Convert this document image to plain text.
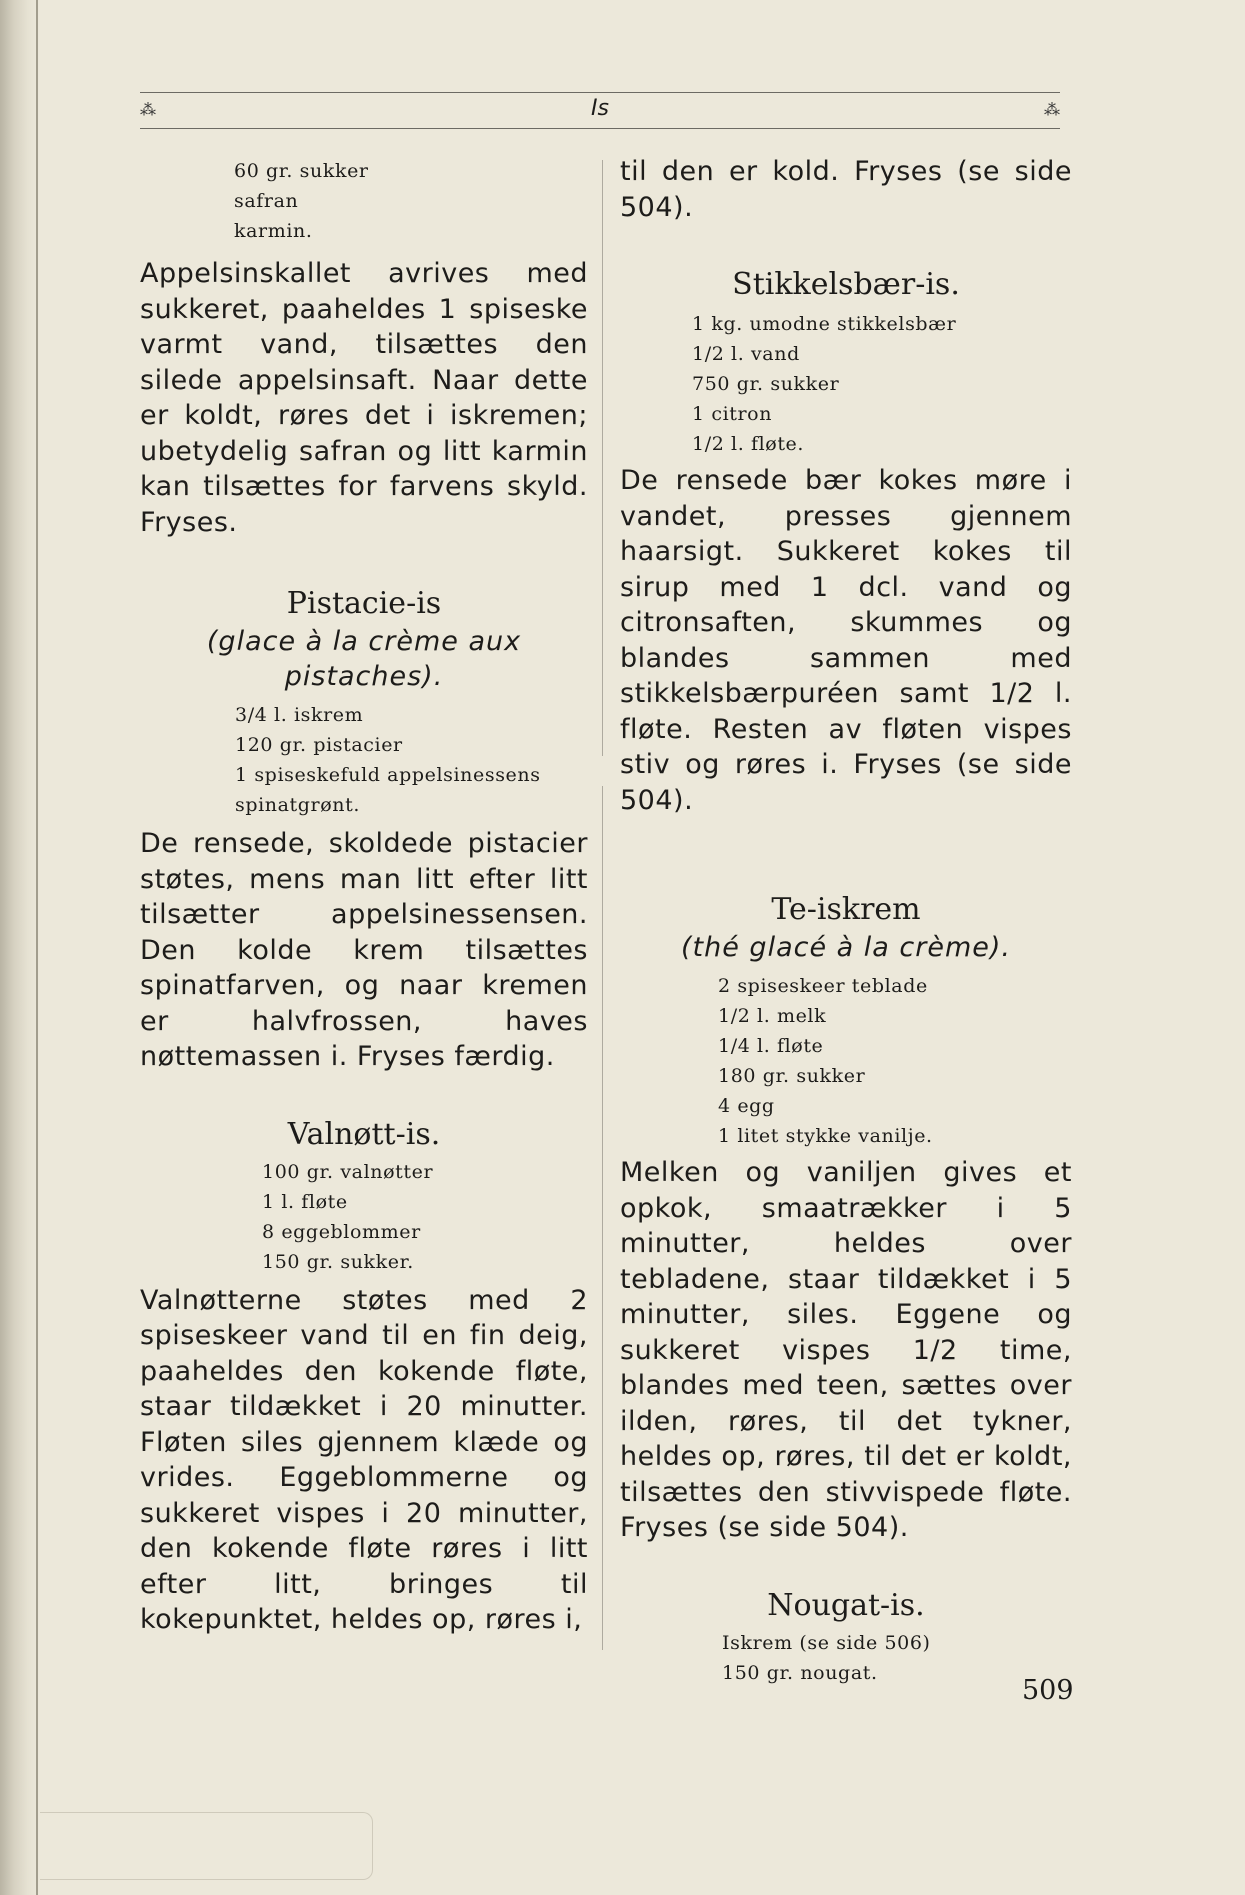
⁂	Is	⁂
60 gr. sukker
safran
karmin.

Appelsinskallet avrives med sukkeret, paaheldes 1 spiseske varmt vand, tilsættes den silede appelsinsaft. Naar dette er koldt, røres det i iskremen; ubetydelig safran og litt karmin kan tilsættes for farvens skyld. Fryses.

Pistacie-is

(glace à la crème aux pistaches).

3/4 l. iskrem
120 gr. pistacier
1 spiseskefuld appelsinessens
spinatgrønt.

De rensede, skoldede pistacier støtes, mens man litt efter litt tilsætter appelsinessensen. Den kolde krem tilsættes spinatfarven, og naar kremen er halvfrossen, haves nøttemassen i. Fryses færdig.

Valnøtt-is.

100 gr. valnøtter
1 l. fløte
8 eggeblommer
150 gr. sukker.

Valnøtterne støtes med 2 spiseskeer vand til en fin deig, paaheldes den kokende fløte, staar tildækket i 20 minutter. Fløten siles gjennem klæde og vrides. Eggeblommerne og sukkeret vispes i 20 minutter, den kokende fløte røres i litt efter litt, bringes til kokepunktet, heldes op, røres i,

til den er kold. Fryses (se side 504).

Stikkelsbær-is.

1 kg. umodne stikkelsbær
1/2 l. vand
750 gr. sukker
1 citron
1/2 l. fløte.

De rensede bær kokes møre i vandet, presses gjennem haarsigt. Sukkeret kokes til sirup med 1 dcl. vand og citronsaften, skummes og blandes sammen med stikkelsbærpuréen samt 1/2 l. fløte. Resten av fløten vispes stiv og røres i. Fryses (se side 504).

Te-iskrem

(thé glacé à la crème).

2 spiseskeer teblade
1/2 l. melk
1/4 l. fløte
180 gr. sukker
4 egg
1 litet stykke vanilje.

Melken og vaniljen gives et opkok, smaatrækker i 5 minutter, heldes over tebladene, staar tildækket i 5 minutter, siles. Eggene og sukkeret vispes 1/2 time, blandes med teen, sættes over ilden, røres, til det tykner, heldes op, røres, til det er koldt, tilsættes den stivvispede fløte. Fryses (se side 504).

Nougat-is.

Iskrem (se side 506)
150 gr. nougat.
509
